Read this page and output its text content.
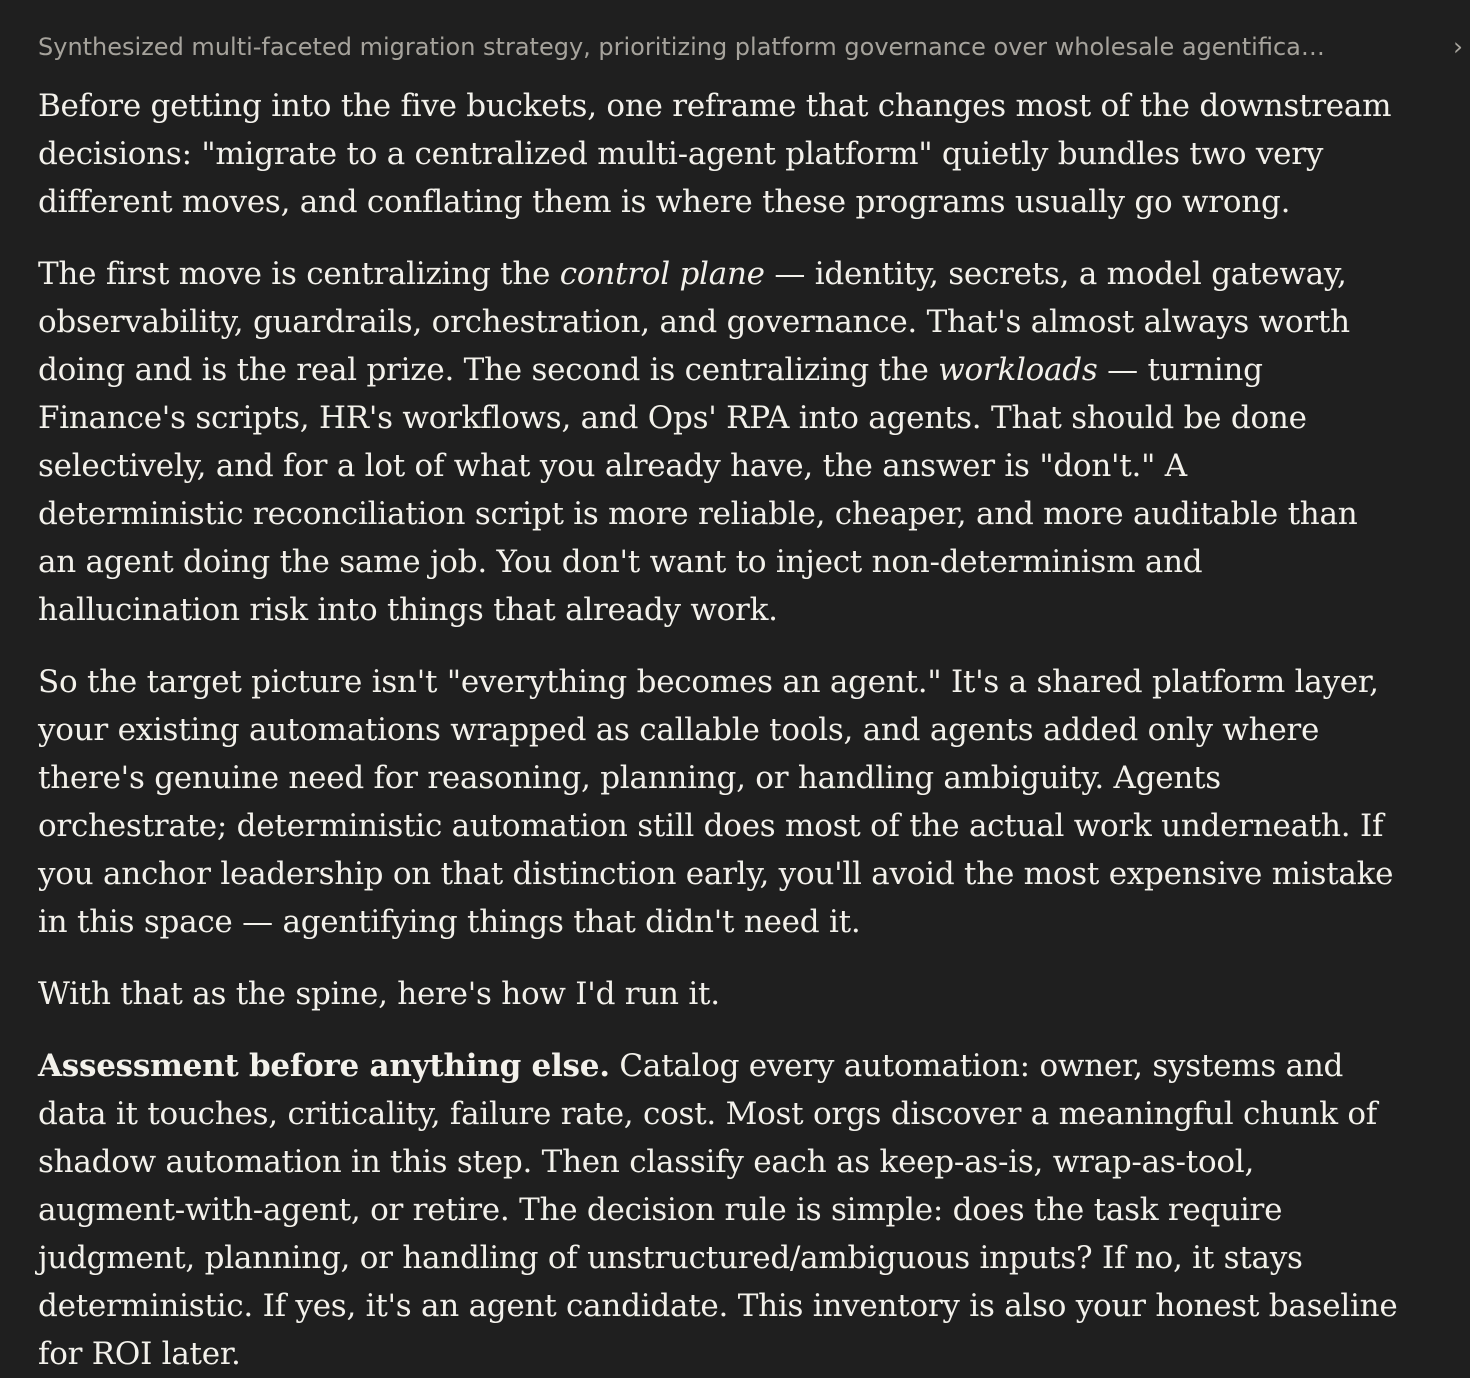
Synthesized multi-faceted migration strategy, prioritizing platform governance over wholesale agentifica…	›

Before getting into the five buckets, one reframe that changes most of the downstream decisions: "migrate to a centralized multi-agent platform" quietly bundles two very different moves, and conflating them is where these programs usually go wrong.

The first move is centralizing the control plane — identity, secrets, a model gateway, observability, guardrails, orchestration, and governance. That's almost always worth doing and is the real prize. The second is centralizing the workloads — turning Finance's scripts, HR's workflows, and Ops' RPA into agents. That should be done selectively, and for a lot of what you already have, the answer is "don't." A deterministic reconciliation script is more reliable, cheaper, and more auditable than an agent doing the same job. You don't want to inject non-determinism and hallucination risk into things that already work.

So the target picture isn't "everything becomes an agent." It's a shared platform layer, your existing automations wrapped as callable tools, and agents added only where there's genuine need for reasoning, planning, or handling ambiguity. Agents orchestrate; deterministic automation still does most of the actual work underneath. If you anchor leadership on that distinction early, you'll avoid the most expensive mistake in this space — agentifying things that didn't need it.

With that as the spine, here's how I'd run it.

Assessment before anything else. Catalog every automation: owner, systems and data it touches, criticality, failure rate, cost. Most orgs discover a meaningful chunk of shadow automation in this step. Then classify each as keep-as-is, wrap-as-tool, augment-with-agent, or retire. The decision rule is simple: does the task require judgment, planning, or handling of unstructured/ambiguous inputs? If no, it stays deterministic. If yes, it's an agent candidate. This inventory is also your honest baseline for ROI later.
